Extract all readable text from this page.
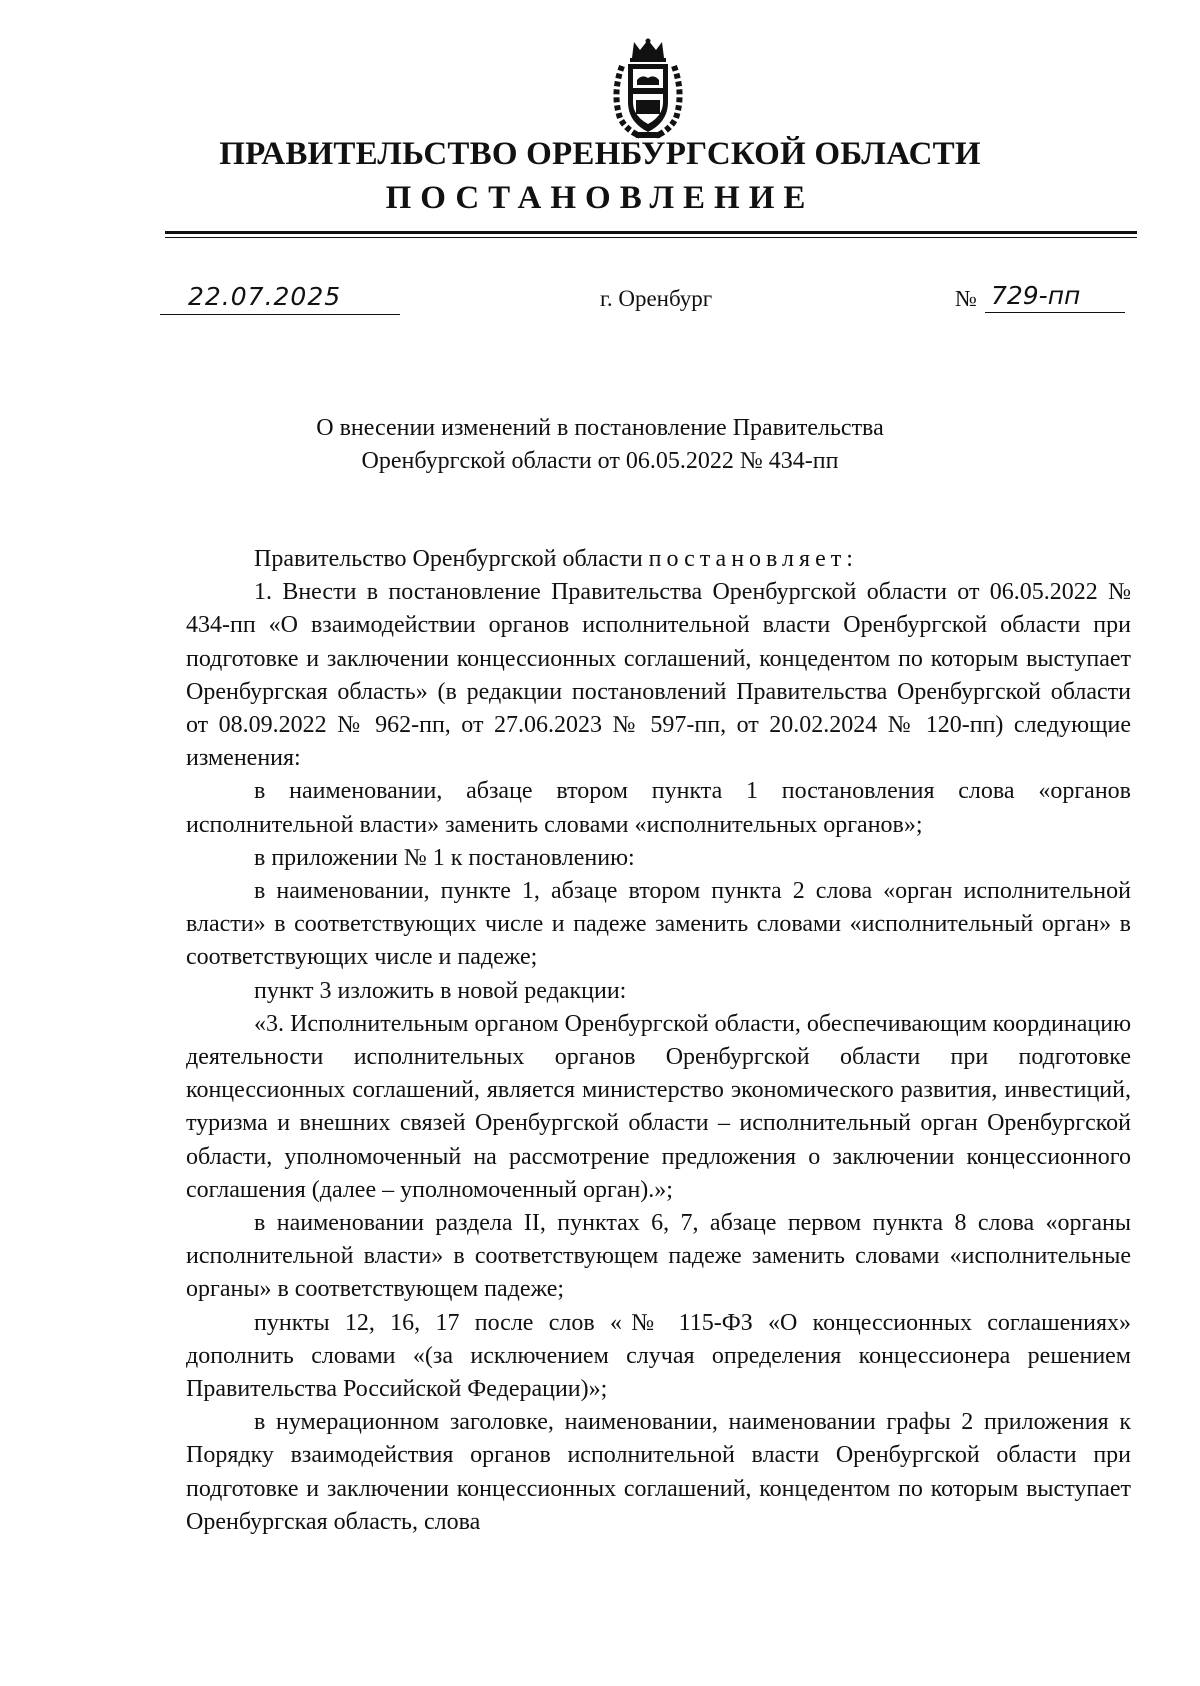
ПРАВИТЕЛЬСТВО ОРЕНБУРГСКОЙ ОБЛАСТИ
ПОСТАНОВЛЕНИЕ
22.07.2025	г. Оренбург	№ 729-пп
О внесении изменений в постановление Правительства
Оренбургской области от 06.05.2022 № 434-пп

Правительство Оренбургской области постановляет:

1. Внести в постановление Правительства Оренбургской области от 06.05.2022 № 434-пп «О взаимодействии органов исполнительной власти Оренбургской области при подготовке и заключении концессионных соглашений, концедентом по которым выступает Оренбургская область» (в редакции постановлений Правительства Оренбургской области от 08.09.2022 № 962-пп, от 27.06.2023 № 597-пп, от 20.02.2024 № 120-пп) следующие изменения:

в наименовании, абзаце втором пункта 1 постановления слова «органов исполнительной власти» заменить словами «исполнительных органов»;

в приложении № 1 к постановлению:

в наименовании, пункте 1, абзаце втором пункта 2 слова «орган исполнительной власти» в соответствующих числе и падеже заменить словами «исполнительный орган» в соответствующих числе и падеже;

пункт 3 изложить в новой редакции:

«3. Исполнительным органом Оренбургской области, обеспечивающим координацию деятельности исполнительных органов Оренбургской области при подготовке концессионных соглашений, является министерство экономического развития, инвестиций, туризма и внешних связей Оренбургской области – исполнительный орган Оренбургской области, уполномоченный на рассмотрение предложения о заключении концессионного соглашения (далее – уполномоченный орган).»;

в наименовании раздела II, пунктах 6, 7, абзаце первом пункта 8 слова «органы исполнительной власти» в соответствующем падеже заменить словами «исполнительные органы» в соответствующем падеже;

пункты 12, 16, 17 после слов «№ 115-ФЗ «О концессионных соглашениях» дополнить словами «(за исключением случая определения концессионера решением Правительства Российской Федерации)»;

в нумерационном заголовке, наименовании, наименовании графы 2 приложения к Порядку взаимодействия органов исполнительной власти Оренбургской области при подготовке и заключении концессионных соглашений, концедентом по которым выступает Оренбургская область, слова
